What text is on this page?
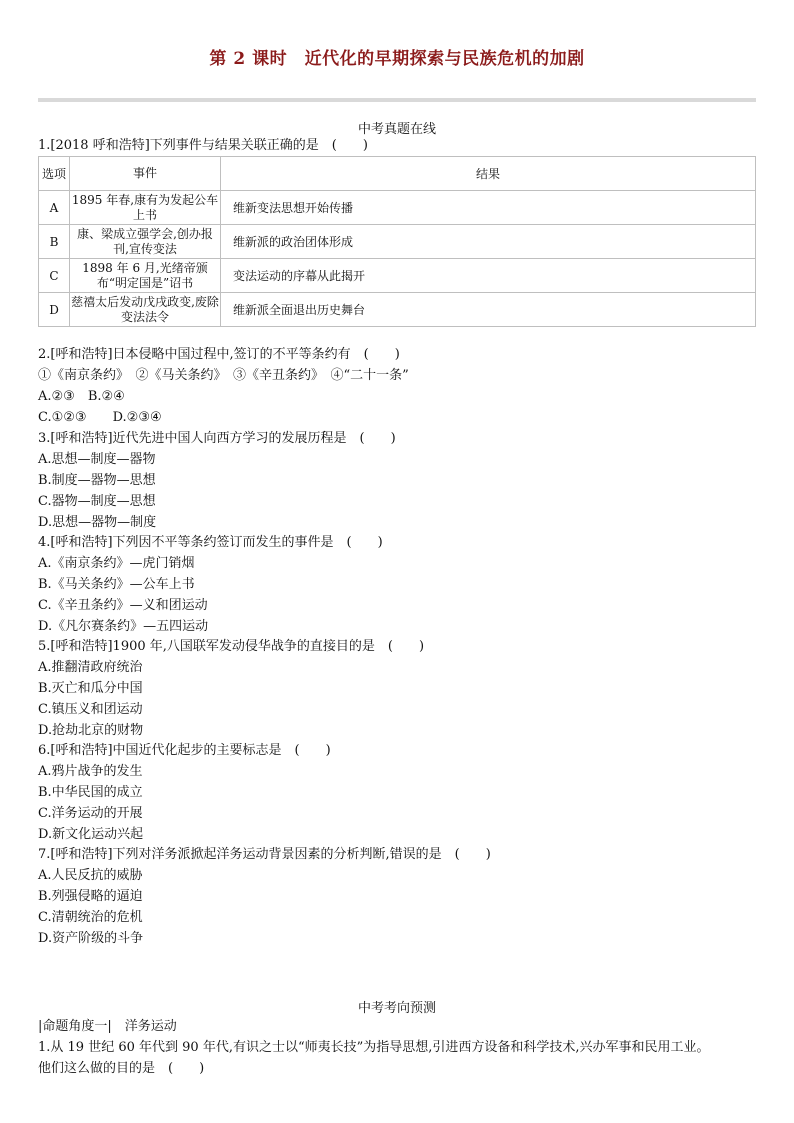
第 2 课时　近代化的早期探索与民族危机的加剧
中考真题在线
1.[2018 呼和浩特]下列事件与结果关联正确的是　(　　)
选项	事件	结果
A	1895 年春,康有为发起公车上书	维新变法思想开始传播
B	康、梁成立强学会,创办报刊,宣传变法	维新派的政治团体形成
C	1898 年 6 月,光绪帝颁布“明定国是”诏书	变法运动的序幕从此揭开
D	慈禧太后发动戊戌政变,废除变法法令	维新派全面退出历史舞台
2.[呼和浩特]日本侵略中国过程中,签订的不平等条约有　(　　)
①《南京条约》　②《马关条约》　③《辛丑条约》　④“二十一条”
A.②③　B.②④
C.①②③　　D.②③④
3.[呼和浩特]近代先进中国人向西方学习的发展历程是　(　　)
A.思想—制度—器物
B.制度—器物—思想
C.器物—制度—思想
D.思想—器物—制度
4.[呼和浩特]下列因不平等条约签订而发生的事件是　(　　)
A.《南京条约》—虎门销烟
B.《马关条约》—公车上书
C.《辛丑条约》—义和团运动
D.《凡尔赛条约》—五四运动
5.[呼和浩特]1900 年,八国联军发动侵华战争的直接目的是　(　　)
A.推翻清政府统治
B.灭亡和瓜分中国
C.镇压义和团运动
D.抢劫北京的财物
6.[呼和浩特]中国近代化起步的主要标志是　(　　)
A.鸦片战争的发生
B.中华民国的成立
C.洋务运动的开展
D.新文化运动兴起
7.[呼和浩特]下列对洋务派掀起洋务运动背景因素的分析判断,错误的是　(　　)
A.人民反抗的威胁
B.列强侵略的逼迫
C.清朝统治的危机
D.资产阶级的斗争
中考考向预测
|命题角度一|　洋务运动
1.从 19 世纪 60 年代到 90 年代,有识之士以“师夷长技”为指导思想,引进西方设备和科学技术,兴办军事和民用工业。
他们这么做的目的是　(　　)
